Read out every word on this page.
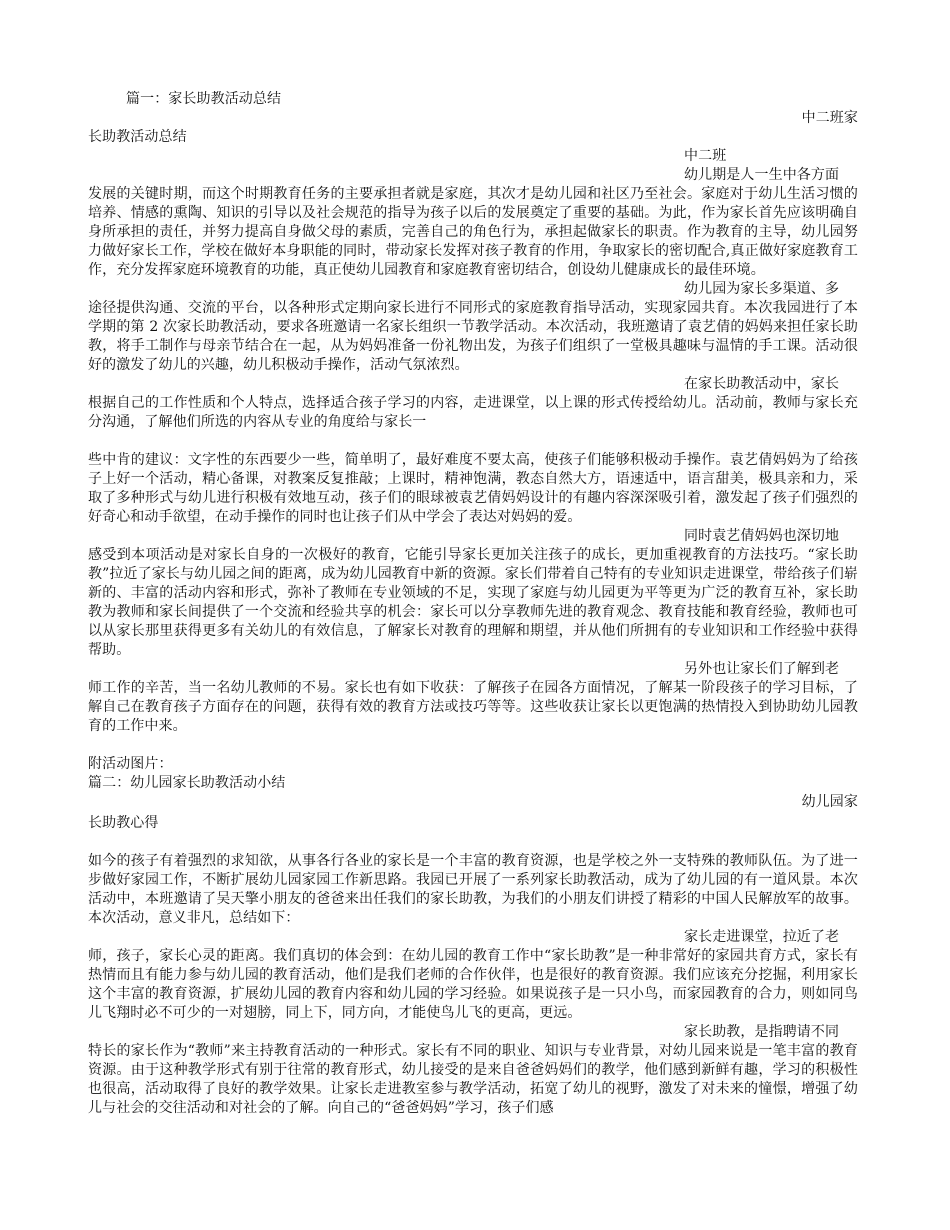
篇一：家长助教活动总结

中二班家

长助教活动总结

中二班

幼儿期是人一生中各方面

发展的关键时期，而这个时期教育任务的主要承担者就是家庭，其次才是幼儿园和社区乃至社会。家庭对于幼儿生活习惯的培养、情感的熏陶、知识的引导以及社会规范的指导为孩子以后的发展奠定了重要的基础。为此，作为家长首先应该明确自身所承担的责任，并努力提高自身做父母的素质，完善自己的角色行为，承担起做家长的职责。作为教育的主导，幼儿园努力做好家长工作，学校在做好本身职能的同时，带动家长发挥对孩子教育的作用，争取家长的密切配合,真正做好家庭教育工作，充分发挥家庭环境教育的功能，真正使幼儿园教育和家庭教育密切结合，创设幼儿健康成长的最佳环境。

幼儿园为家长多渠道、多

途径提供沟通、交流的平台，以各种形式定期向家长进行不同形式的家庭教育指导活动，实现家园共育。本次我园进行了本学期的第 2 次家长助教活动，要求各班邀请一名家长组织一节教学活动。本次活动，我班邀请了袁艺倩的妈妈来担任家长助教，将手工制作与母亲节结合在一起，从为妈妈准备一份礼物出发，为孩子们组织了一堂极具趣味与温情的手工课。活动很好的激发了幼儿的兴趣，幼儿积极动手操作，活动气氛浓烈。

在家长助教活动中，家长

根据自己的工作性质和个人特点，选择适合孩子学习的内容，走进课堂，以上课的形式传授给幼儿。活动前，教师与家长充分沟通，了解他们所选的内容从专业的角度给与家长一

些中肯的建议：文字性的东西要少一些，简单明了，最好难度不要太高，使孩子们能够积极动手操作。袁艺倩妈妈为了给孩子上好一个活动，精心备课，对教案反复推敲；上课时，精神饱满，教态自然大方，语速适中，语言甜美，极具亲和力，采取了多种形式与幼儿进行积极有效地互动，孩子们的眼球被袁艺倩妈妈设计的有趣内容深深吸引着，激发起了孩子们强烈的好奇心和动手欲望，在动手操作的同时也让孩子们从中学会了表达对妈妈的爱。

同时袁艺倩妈妈也深切地

感受到本项活动是对家长自身的一次极好的教育，它能引导家长更加关注孩子的成长，更加重视教育的方法技巧。“家长助教”拉近了家长与幼儿园之间的距离，成为幼儿园教育中新的资源。家长们带着自己特有的专业知识走进课堂，带给孩子们崭新的、丰富的活动内容和形式，弥补了教师在专业领域的不足，实现了家庭与幼儿园更为平等更为广泛的教育互补，家长助教为教师和家长间提供了一个交流和经验共享的机会：家长可以分享教师先进的教育观念、教育技能和教育经验，教师也可以从家长那里获得更多有关幼儿的有效信息，了解家长对教育的理解和期望，并从他们所拥有的专业知识和工作经验中获得帮助。

另外也让家长们了解到老

师工作的辛苦，当一名幼儿教师的不易。家长也有如下收获：了解孩子在园各方面情况，了解某一阶段孩子的学习目标，了解自己在教育孩子方面存在的问题，获得有效的教育方法或技巧等等。这些收获让家长以更饱满的热情投入到协助幼儿园教育的工作中来。

附活动图片：

篇二：幼儿园家长助教活动小结

幼儿园家

长助教心得

如今的孩子有着强烈的求知欲，从事各行各业的家长是一个丰富的教育资源，也是学校之外一支特殊的教师队伍。为了进一步做好家园工作，不断扩展幼儿园家园工作新思路。我园已开展了一系列家长助教活动，成为了幼儿园的有一道风景。本次活动中，本班邀请了吴天擎小朋友的爸爸来出任我们的家长助教，为我们的小朋友们讲授了精彩的中国人民解放军的故事。本次活动，意义非凡，总结如下：

家长走进课堂，拉近了老

师，孩子，家长心灵的距离。我们真切的体会到：在幼儿园的教育工作中“家长助教”是一种非常好的家园共育方式，家长有热情而且有能力参与幼儿园的教育活动，他们是我们老师的合作伙伴，也是很好的教育资源。我们应该充分挖掘，利用家长这个丰富的教育资源，扩展幼儿园的教育内容和幼儿园的学习经验。如果说孩子是一只小鸟，而家园教育的合力，则如同鸟儿飞翔时必不可少的一对翅膀，同上下，同方向，才能使鸟儿飞的更高，更远。

家长助教，是指聘请不同

特长的家长作为“教师”来主持教育活动的一种形式。家长有不同的职业、知识与专业背景，对幼儿园来说是一笔丰富的教育资源。由于这种教学形式有别于往常的教育形式，幼儿接受的是来自爸爸妈妈们的教学，他们感到新鲜有趣，学习的积极性也很高，活动取得了良好的教学效果。让家长走进教室参与教学活动，拓宽了幼儿的视野，激发了对未来的憧憬，增强了幼儿与社会的交往活动和对社会的了解。向自己的“爸爸妈妈”学习，孩子们感
